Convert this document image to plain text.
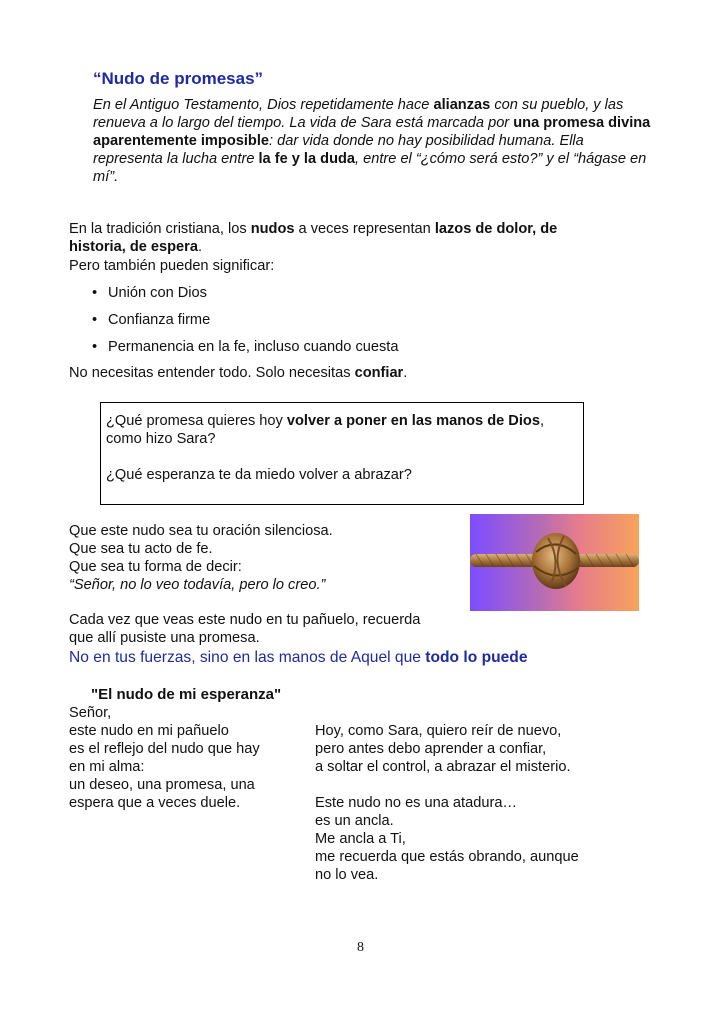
“Nudo de promesas”
En el Antiguo Testamento, Dios repetidamente hace alianzas con su pueblo, y las renueva a lo largo del tiempo. La vida de Sara está marcada por una promesa divina aparentemente imposible: dar vida donde no hay posibilidad humana. Ella representa la lucha entre la fe y la duda, entre el “¿cómo será esto?” y el “hágase en mí”.
En la tradición cristiana, los nudos a veces representan lazos de dolor, de historia, de espera.
Pero también pueden significar:
• Unión con Dios
• Confianza firme
• Permanencia en la fe, incluso cuando cuesta
No necesitas entender todo. Solo necesitas confiar.
¿Qué promesa quieres hoy volver a poner en las manos de Dios, como hizo Sara?
¿Qué esperanza te da miedo volver a abrazar?
Que este nudo sea tu oración silenciosa.
Que sea tu acto de fe.
Que sea tu forma de decir:
“Señor, no lo veo todavía, pero lo creo.”
Cada vez que veas este nudo en tu pañuelo, recuerda
que allí pusiste una promesa.
No en tus fuerzas, sino en las manos de Aquel que todo lo puede
"El nudo de mi esperanza"
Señor,
este nudo en mi pañuelo
es el reflejo del nudo que hay
en mi alma:
un deseo, una promesa, una
espera que a veces duele.
Hoy, como Sara, quiero reír de nuevo,
pero antes debo aprender a confiar,
a soltar el control, a abrazar el misterio.
Este nudo no es una atadura…
es un ancla.
Me ancla a Ti,
me recuerda que estás obrando, aunque
no lo vea.
8
